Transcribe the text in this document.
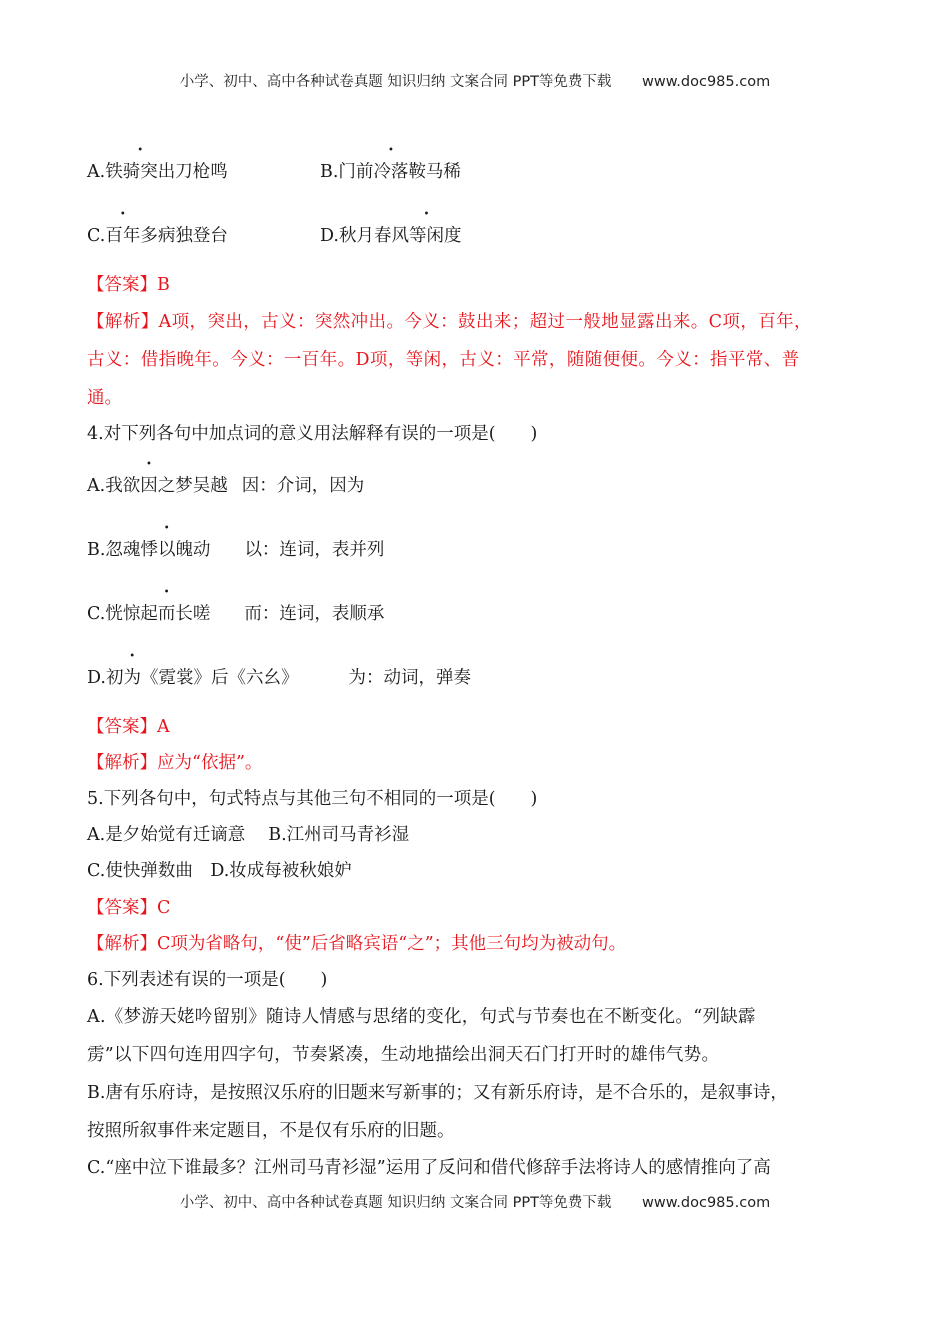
小学、初中、高中各种试卷真题 知识归纳 文案合同 PPT等免费下载 www.doc985.com
A.铁骑突出刀枪鸣	B.门前冷落鞍马稀
C.百年多病独登台	D.秋月春风等闲度
【答案】B
【解析】A项，突出，古义：突然冲出。今义：鼓出来；超过一般地显露出来。C项，百年，
古义：借指晚年。今义：一百年。D项，等闲，古义：平常，随随便便。今义：指平常、普
通。
4.对下列各句中加点词的意义用法解释有误的一项是(　　)
A.我欲因之梦吴越 因：介词，因为
B.忽魂悸以魄动 以：连词，表并列
C.恍惊起而长嗟 而：连词，表顺承
D.初为《霓裳》后《六幺》	为：动词，弹奏
【答案】A
【解析】应为“依据”。
5.下列各句中，句式特点与其他三句不相同的一项是(　　)
A.是夕始觉有迁谪意　 B.江州司马青衫湿
C.使快弹数曲　D.妆成每被秋娘妒
【答案】C
【解析】C项为省略句，“使”后省略宾语“之”；其他三句均为被动句。
6.下列表述有误的一项是(　　)
A.《梦游天姥吟留别》随诗人情感与思绪的变化，句式与节奏也在不断变化。“列缺霹
雳”以下四句连用四字句，节奏紧凑，生动地描绘出洞天石门打开时的雄伟气势。
B.唐有乐府诗，是按照汉乐府的旧题来写新事的；又有新乐府诗，是不合乐的，是叙事诗，
按照所叙事件来定题目，不是仅有乐府的旧题。
C.“座中泣下谁最多？江州司马青衫湿”运用了反问和借代修辞手法将诗人的感情推向了高
小学、初中、高中各种试卷真题 知识归纳 文案合同 PPT等免费下载 www.doc985.com
